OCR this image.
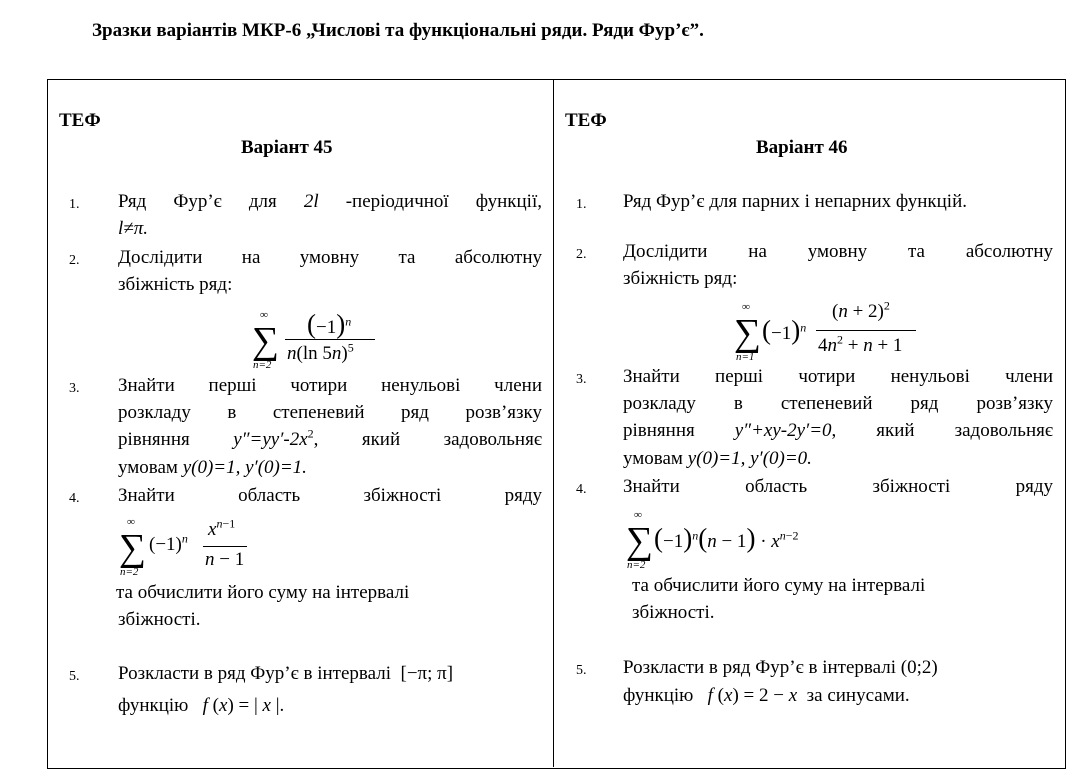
Зразки варіантів МКР-6 „Числові та функціональні ряди. Ряди Фур’є”.
ТЕФ
Варіант 45
1. Ряд Фур’є для 2l -періодичної функції,
l≠π.
2. Дослідити на умовну та абсолютну
збіжність ряд:
∞
∑
n=2
$(-1)^n$
n(ln 5n)$^5$
3. Знайти перші чотири ненульові члени
розкладу в степеневий ряд розв’язку
рівняння $y''=yy'-2x^2$, який задовольняє
умовам y(0)=1, y′(0)=1.
4. Знайти область збіжності ряду
∞
∑
n=2
$(-1)^n$ $x^{n-1}$
n − 1
та обчислити його суму на інтервалі
збіжності.
5. Розкласти в ряд Фур’є в інтервалі  [−π; π]
функцію   f (x) = | x |.
ТЕФ
Варіант 46
1. Ряд Фур’є для парних і непарних функцій.
2. Дослідити на умовну та абсолютну
збіжність ряд:
∞
∑
n=1
$(-1)^n$
$(n + 2)^2$
$4n^2 + n + 1$
3. Знайти перші чотири ненульові члени
розкладу в степеневий ряд розв’язку
рівняння y″+xy-2y′=0, який задовольняє
умовам y(0)=1, y′(0)=0.
4. Знайти область збіжності ряду
∞
∑
n=2
$(-1)^n(n - 1) \cdot x^{n-2}$
та обчислити його суму на інтервалі
збіжності.
5. Розкласти в ряд Фур’є в інтервалі (0;2)
функцію   f (x) = 2 − x  за синусами.
